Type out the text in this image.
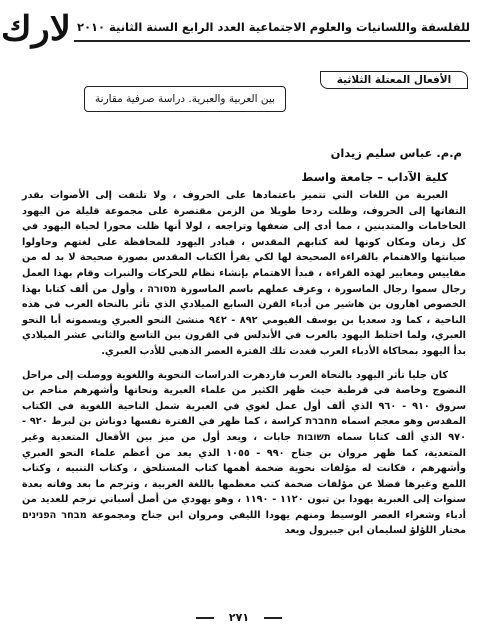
لارك للفلسفة واللسانيات والعلوم الاجتماعية العدد الرابع السنة الثانية ٢٠١٠
الأفعال المعتلة الثلاثية
بين العربية والعبرية. دراسة صرفية مقارنة
م.م. عباس سليم زيدان
كلية الآداب – جامعة واسط

العبرية من اللغات التي تتميز باعتمادها على الحروف ، ولا تلتفت إلى الأصوات بقدر التفاتها إلى الحروف، وظلت ردحا طويلا من الزمن مقتصرة على مجموعة قليلة من اليهود الحاخامات والمتدينين ، مما أدى إلى ضعفها وتراجعه ، لولا أنها ظلت محورا لحياة اليهود في كل زمان ومكان كونها لغة كتابهم المقدس ، فبادر اليهود للمحافظة على لغتهم وحاولوا صيانتها والاهتمام بالقراءة الصحيحة لها لكي يقرأ الكتاب المقدس بصورة صحيحة لا بد له من مقاييس ومعايير لهذه القراءة ، فبدأ الاهتمام بإنشاء نظام للحركات والنبرات وقام بهذا العمل رجال سموا رجال الماسورة ، وعرف عملهم باسم الماسورة מסורה ، وأول من ألف كتابا بهذا الخصوص اهارون بن هاشير من أدباء القرن السابع الميلادي الذي تأثر بالنحاة العرب في هذه الناحية ، كما ود سعديا بن يوسف الفيومي ٨٩٢ - ٩٤٢ منشئ النحو العبري ويسمونه أبا النحو العبري، ولما اختلط اليهود بالعرب في الأندلس في القرون بين التاسع والثاني عشر الميلادي بدأ اليهود بمحاكاة الأدباء العرب فغدت تلك الفترة العصر الذهبي للأدب العبري.

كان جليا تأثر اليهود بالنحاة العرب فازدهرت الدراسات النحوية واللغوية ووصلت إلى مراحل النضوج وخاصة في قرطبة حيث ظهر الكثير من علماء العبرية ونحاتها وأشهرهم مناحم بن سروق ٩١٠ - ٩٦٠ الذي ألف أول عمل لغوي في العبرية شمل الناحية اللغوية في الكتاب المقدس وهو معجم اسماه מחברת كراسة ، كما ظهر في الفترة نفسها دوناش بن لبرط ٩٢٠ - ٩٧٠ الذي ألف كتابا سماه תשובות جابات ، ويعد أول من ميز بين الأفعال المتعدية وغير المتعدية، كما ظهر مروان بن جناح ٩٩٠ - ١٠٥٥ الذي يعد من أعظم علماء النحو العبري وأشهرهم ، فكانت له مؤلفات نحوية ضخمة أهمها كتاب المستلحق ، وكتاب التنبيه ، وكتاب اللمع وغيرها فضلا عن مؤلفات ضخمة كتب معظمها باللغة العربية ، وترجم ما بعد وفاته بعدة سنوات إلى العبرية يهودا بن تبون ١١٢٠ - ١١٩٠ ، وهو يهودي من أصل أسباني ترجم للعديد من أدباء وشعراء العصر الوسيط ومنهم يهودا الليفي ومروان ابن جناح ومجموعة מבחר הפנינים مختار اللؤلؤ لسليمان ابن جبيرول ويعد

٢٧١
